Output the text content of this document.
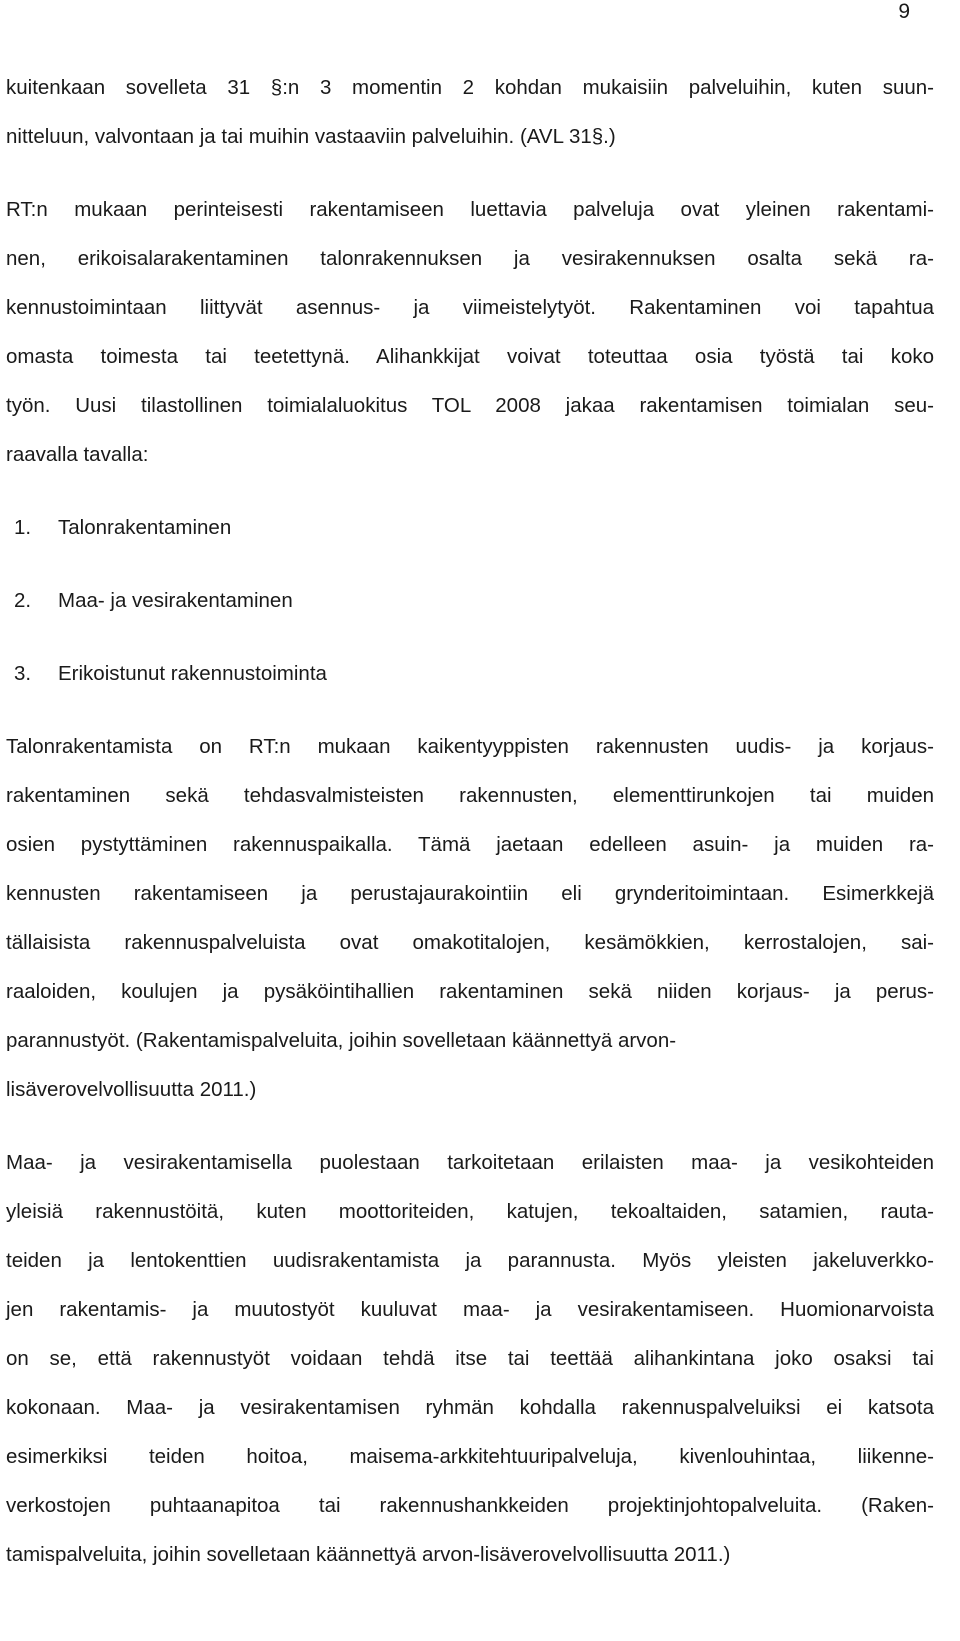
9

kuitenkaan sovelleta 31 §:n 3 momentin 2 kohdan mukaisiin palveluihin, kuten suun-
nitteluun, valvontaan ja tai muihin vastaaviin palveluihin. (AVL 31§.)
RT:n mukaan perinteisesti rakentamiseen luettavia palveluja ovat yleinen rakentami-
nen, erikoisalarakentaminen talonrakennuksen ja vesirakennuksen osalta sekä ra-
kennustoimintaan liittyvät asennus- ja viimeistelytyöt. Rakentaminen voi tapahtua
omasta toimesta tai teetettynä. Alihankkijat voivat toteuttaa osia työstä tai koko
työn. Uusi tilastollinen toimialaluokitus TOL 2008 jakaa rakentamisen toimialan seu-
raavalla tavalla:
1. Talonrakentaminen
2. Maa- ja vesirakentaminen
3. Erikoistunut rakennustoiminta
Talonrakentamista on RT:n mukaan kaikentyyppisten rakennusten uudis- ja korjaus-
rakentaminen sekä tehdasvalmisteisten rakennusten, elementtirunkojen tai muiden
osien pystyttäminen rakennuspaikalla. Tämä jaetaan edelleen asuin- ja muiden ra-
kennusten rakentamiseen ja perustajaurakointiin eli grynderitoimintaan. Esimerkkejä
tällaisista rakennuspalveluista ovat omakotitalojen, kesämökkien, kerrostalojen, sai-
raaloiden, koulujen ja pysäköintihallien rakentaminen sekä niiden korjaus- ja perus-
parannustyöt. (Rakentamispalveluita, joihin sovelletaan käännettyä arvon-
lisäverovelvollisuutta 2011.)
Maa- ja vesirakentamisella puolestaan tarkoitetaan erilaisten maa- ja vesikohteiden
yleisiä rakennustöitä, kuten moottoriteiden, katujen, tekoaltaiden, satamien, rauta-
teiden ja lentokenttien uudisrakentamista ja parannusta. Myös yleisten jakeluverkko-
jen rakentamis- ja muutostyöt kuuluvat maa- ja vesirakentamiseen. Huomionarvoista
on se, että rakennustyöt voidaan tehdä itse tai teettää alihankintana joko osaksi tai
kokonaan. Maa- ja vesirakentamisen ryhmän kohdalla rakennuspalveluiksi ei katsota
esimerkiksi teiden hoitoa, maisema-arkkitehtuuripalveluja, kivenlouhintaa, liikenne-
verkostojen puhtaanapitoa tai rakennushankkeiden projektinjohtopalveluita. (Raken-
tamispalveluita, joihin sovelletaan käännettyä arvon-lisäverovelvollisuutta 2011.)
